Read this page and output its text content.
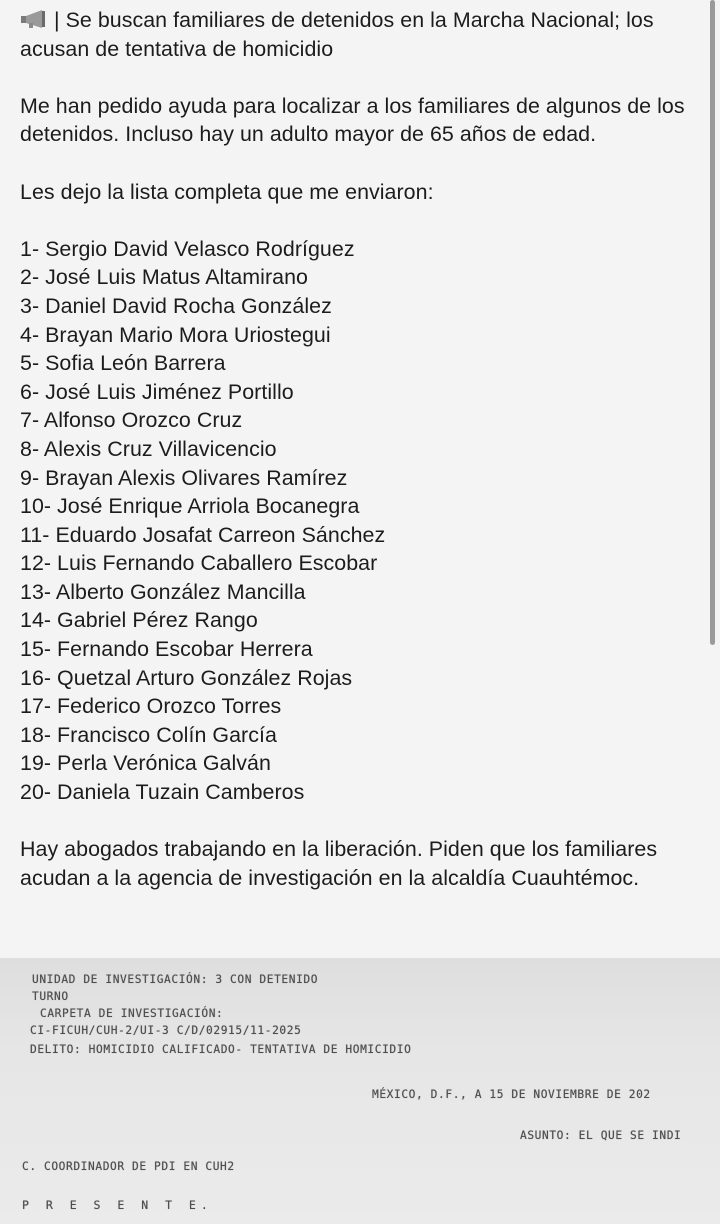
| Se buscan familiares de detenidos en la Marcha Nacional; los acusan de tentativa de homicidio

Me han pedido ayuda para localizar a los familiares de algunos de los detenidos. Incluso hay un adulto mayor de 65 años de edad.

Les dejo la lista completa que me enviaron:

1- Sergio David Velasco Rodríguez
2- José Luis Matus Altamirano
3- Daniel David Rocha González
4- Brayan Mario Mora Uriostegui
5- Sofia León Barrera
6- José Luis Jiménez Portillo
7- Alfonso Orozco Cruz
8- Alexis Cruz Villavicencio
9- Brayan Alexis Olivares Ramírez
10- José Enrique Arriola Bocanegra
11- Eduardo Josafat Carreon Sánchez
12- Luis Fernando Caballero Escobar
13- Alberto González Mancilla
14- Gabriel Pérez Rango
15- Fernando Escobar Herrera
16- Quetzal Arturo González Rojas
17- Federico Orozco Torres
18- Francisco Colín García
19- Perla Verónica Galván
20- Daniela Tuzain Camberos

Hay abogados trabajando en la liberación. Piden que los familiares acudan a la agencia de investigación en la alcaldía Cuauhtémoc.

UNIDAD DE INVESTIGACIÓN: 3 CON DETENIDO
TURNO
CARPETA DE INVESTIGACIÓN:
CI-FICUH/CUH-2/UI-3 C/D/02915/11-2025
DELITO: HOMICIDIO CALIFICADO- TENTATIVA DE HOMICIDIO
MÉXICO, D.F., A 15 DE NOVIEMBRE DE 202
ASUNTO: EL QUE SE INDI
C. COORDINADOR DE PDI EN CUH2
P R E S E N T E.
